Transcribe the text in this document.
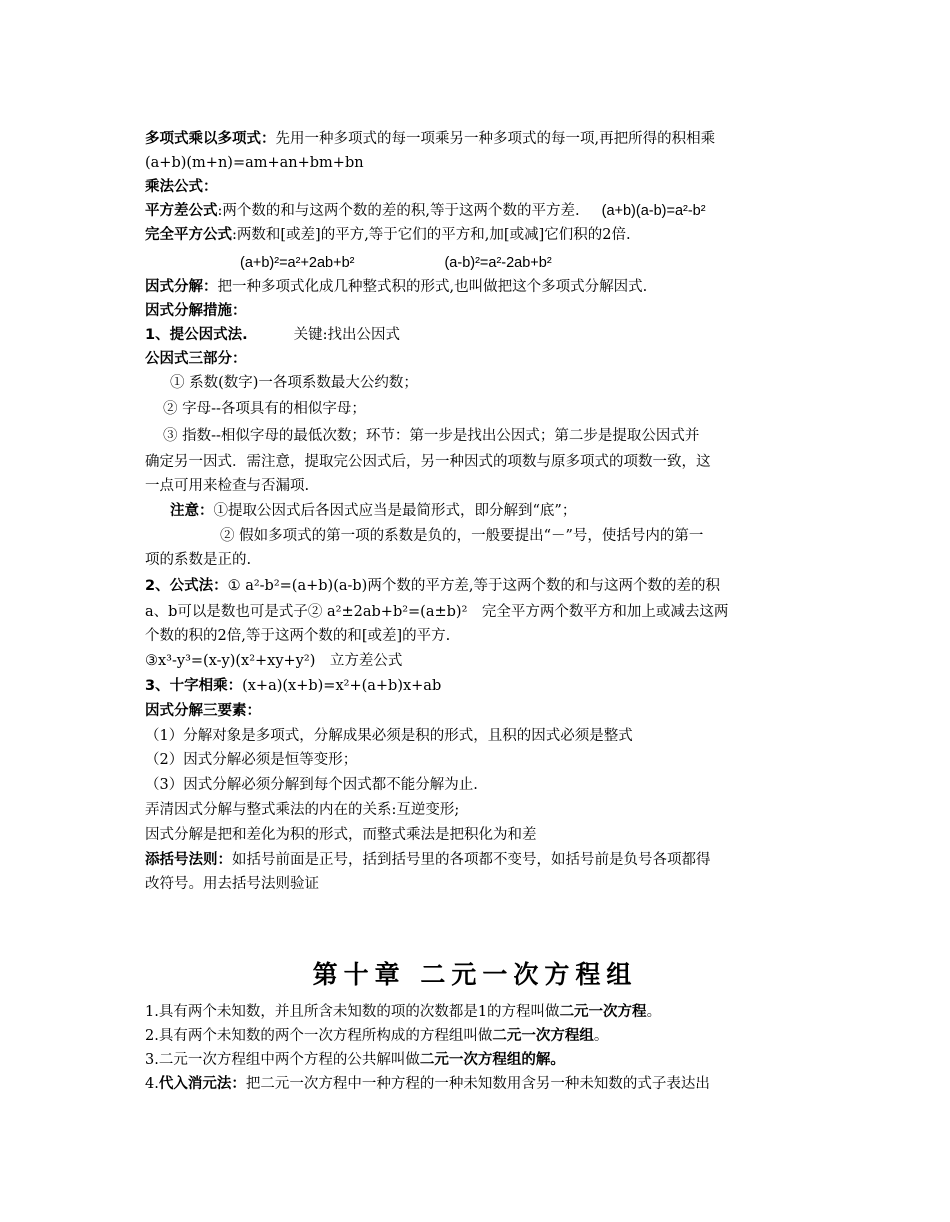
多项式乘以多项式：先用一种多项式的每一项乘另一种多项式的每一项,再把所得的积相乘
(a+b)(m+n)=am+an+bm+bn
乘法公式：
平方差公式:两个数的和与这两个数的差的积,等于这两个数的平方差. (a+b)(a-b)=a²-b²
完全平方公式:两数和[或差]的平方,等于它们的平方和,加[或减]它们积的2倍.
(a+b)²=a²+2ab+b²	(a-b)²=a²-2ab+b²
因式分解：把一种多项式化成几种整式积的形式,也叫做把这个多项式分解因式.
因式分解措施：
1、提公因式法.	关键:找出公因式
公因式三部分：
① 系数(数字)一各项系数最大公约数；
② 字母--各项具有的相似字母；
③ 指数--相似字母的最低次数；环节：第一步是找出公因式；第二步是提取公因式并
确定另一因式．需注意，提取完公因式后，另一种因式的项数与原多项式的项数一致，这
一点可用来检查与否漏项.
注意：①提取公因式后各因式应当是最简形式，即分解到“底”；
② 假如多项式的第一项的系数是负的，一般要提出“－”号，使括号内的第一
项的系数是正的.
2、公式法：① a²-b²=(a+b)(a-b)两个数的平方差,等于这两个数的和与这两个数的差的积
a、b可以是数也可是式子② a²±2ab+b²=(a±b)²　完全平方两个数平方和加上或减去这两
个数的积的2倍,等于这两个数的和[或差]的平方.
③x³-y³=(x-y)(x²+xy+y²)　立方差公式
3、十字相乘：(x+a)(x+b)=x²+(a+b)x+ab
因式分解三要素：
（1）分解对象是多项式，分解成果必须是积的形式，且积的因式必须是整式
（2）因式分解必须是恒等变形；
（3）因式分解必须分解到每个因式都不能分解为止.
弄清因式分解与整式乘法的内在的关系:互逆变形;
因式分解是把和差化为积的形式，而整式乘法是把积化为和差
添括号法则：如括号前面是正号，括到括号里的各项都不变号，如括号前是负号各项都得
改符号。用去括号法则验证
第十章 二元一次方程组
1.具有两个未知数，并且所含未知数的项的次数都是1的方程叫做二元一次方程。
2.具有两个未知数的两个一次方程所构成的方程组叫做二元一次方程组。
3.二元一次方程组中两个方程的公共解叫做二元一次方程组的解。
4.代入消元法：把二元一次方程中一种方程的一种未知数用含另一种未知数的式子表达出
